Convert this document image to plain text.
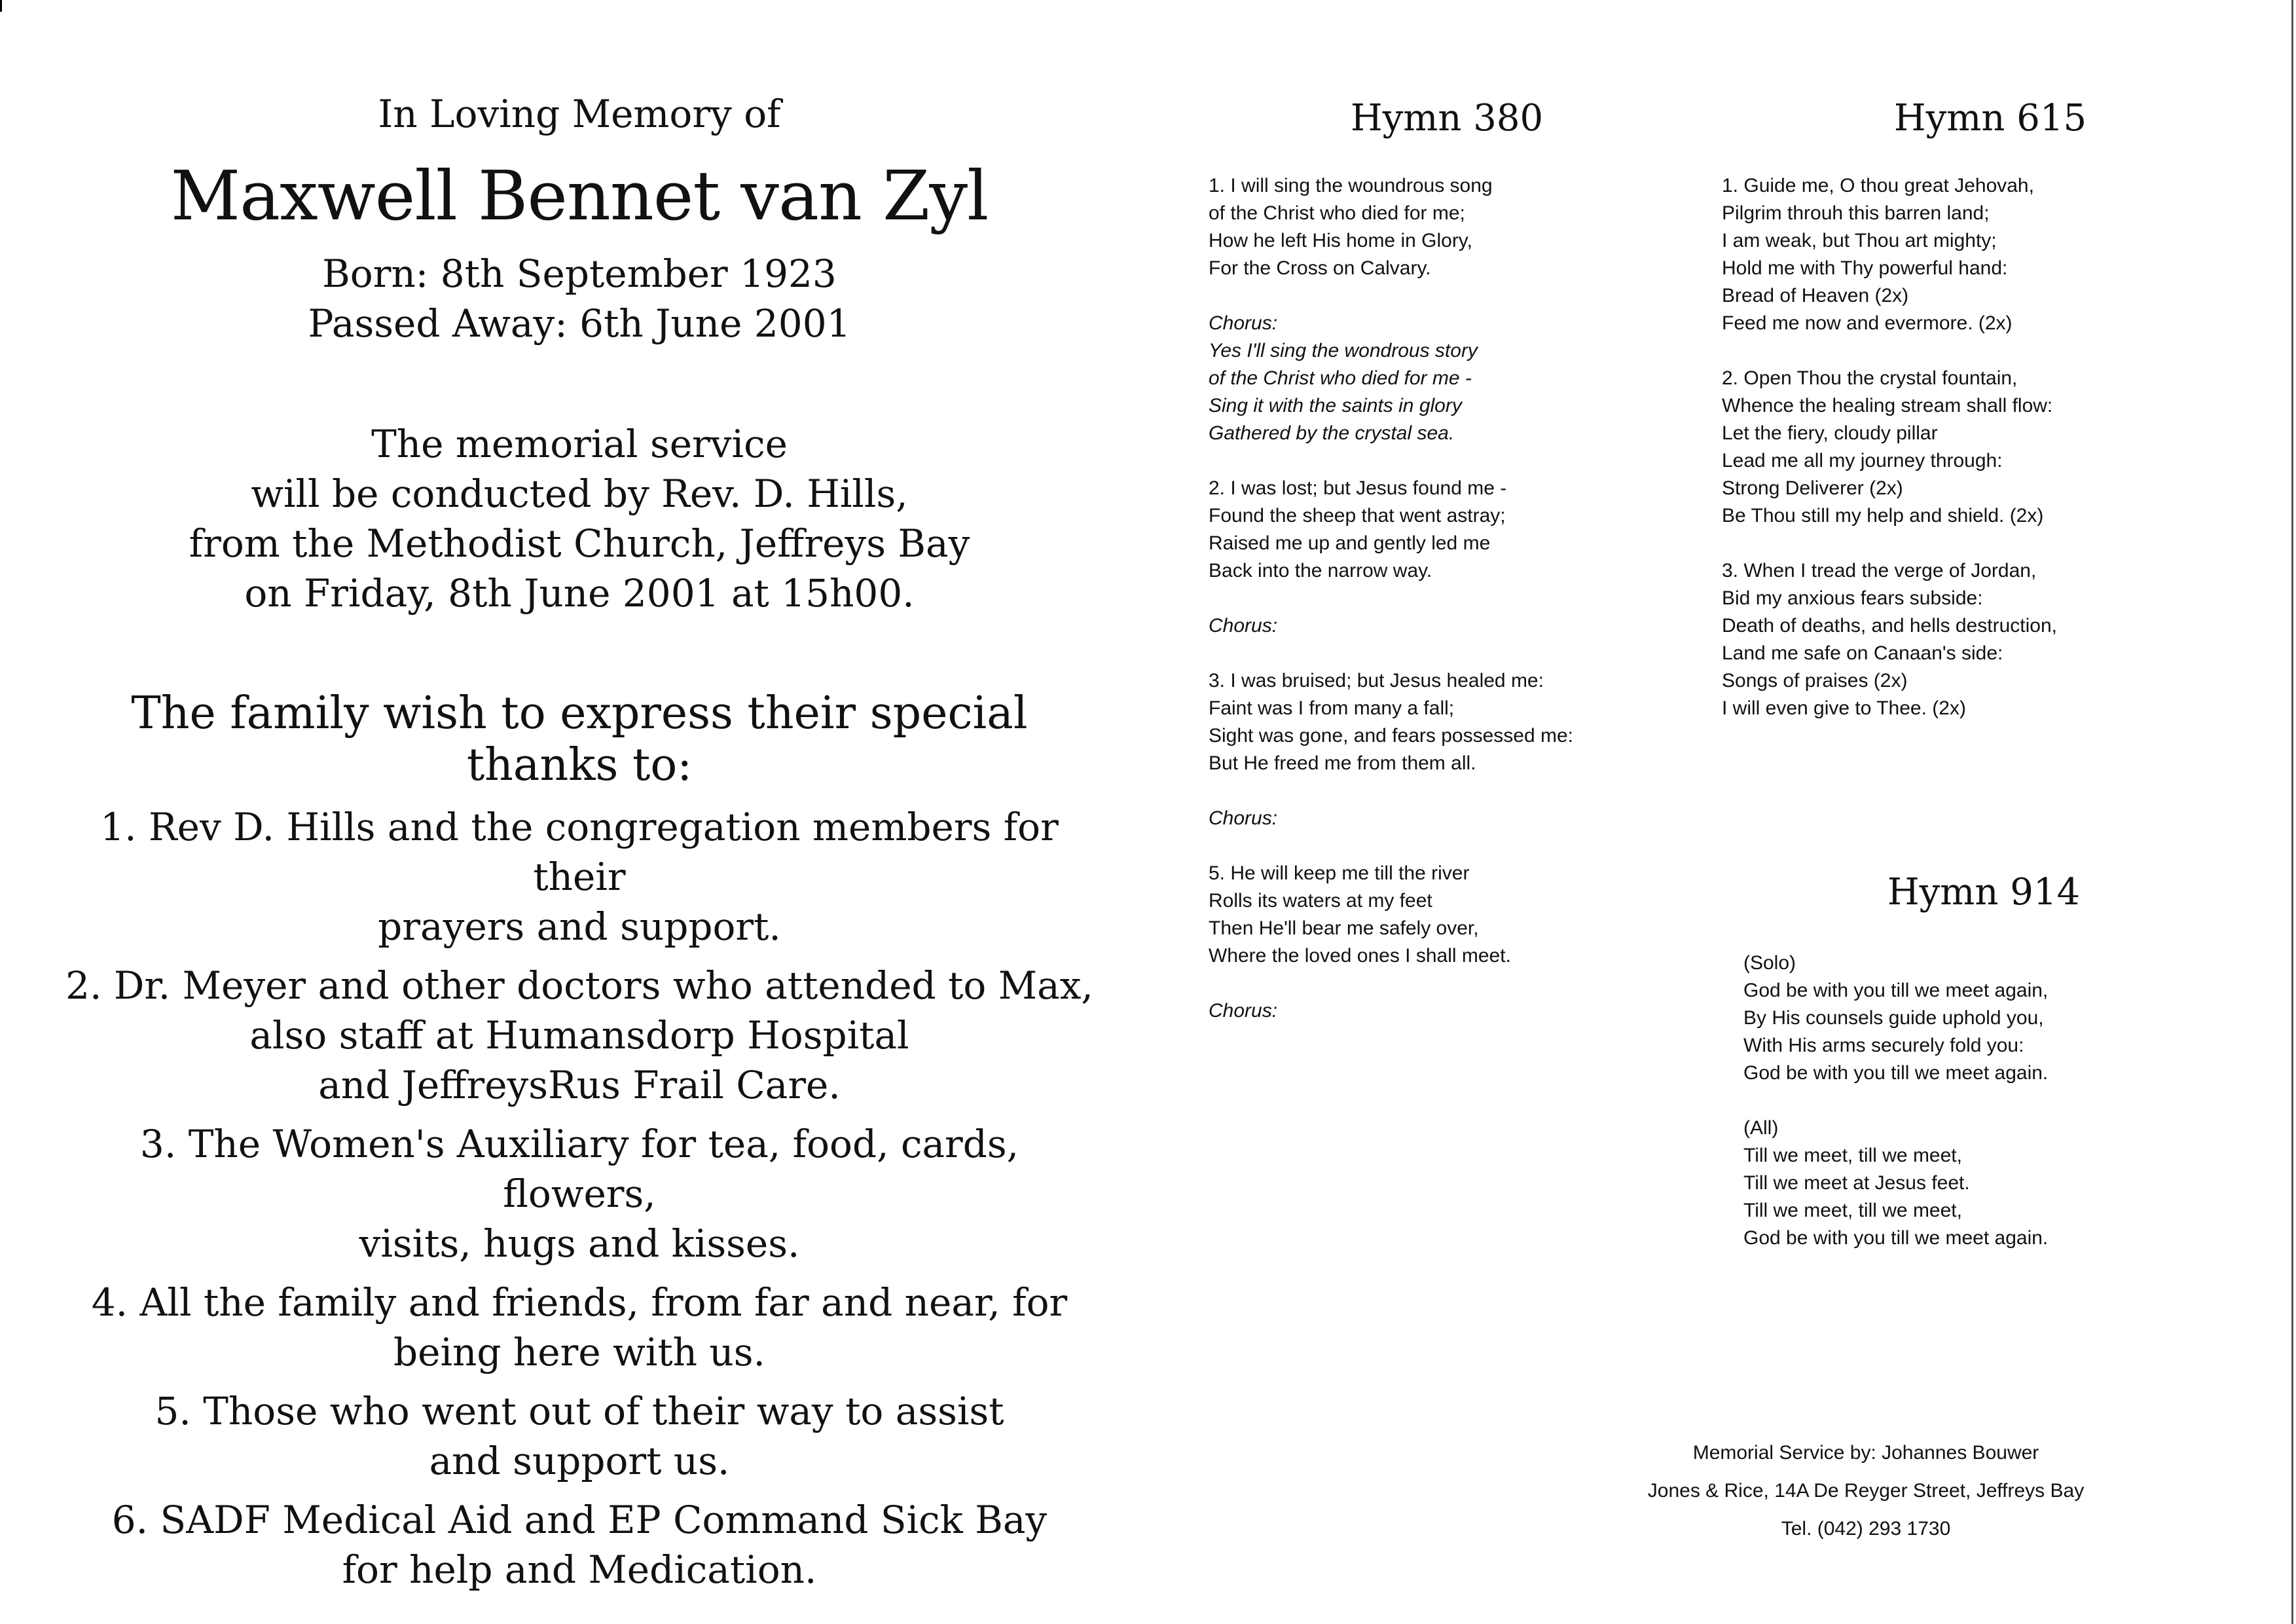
In Loving Memory of

Maxwell Bennet van Zyl
Born: 8th September 1923
Passed Away: 6th June 2001
The memorial service
will be conducted by Rev. D. Hills,
from the Methodist Church, Jeffreys Bay
on Friday, 8th June 2001 at 15h00.
The family wish to express their special thanks to:
1. Rev D. Hills and the congregation members for their
prayers and support.
2. Dr. Meyer and other doctors who attended to Max,
also staff at Humansdorp Hospital
and JeffreysRus Frail Care.
3. The Women's Auxiliary for tea, food, cards, flowers,
visits, hugs and kisses.
4. All the family and friends, from far and near, for
being here with us.
5. Those who went out of their way to assist
and support us.
6. SADF Medical Aid and EP Command Sick Bay
for help and Medication.
Hymn 380
1. I will sing the woundrous song
of the Christ who died for me;
How he left His home in Glory,
For the Cross on Calvary.
Chorus:
Yes I'll sing the wondrous story
of the Christ who died for me -
Sing it with the saints in glory
Gathered by the crystal sea.
2. I was lost; but Jesus found me -
Found the sheep that went astray;
Raised me up and gently led me
Back into the narrow way.
Chorus:
3. I was bruised; but Jesus healed me:
Faint was I from many a fall;
Sight was gone, and fears possessed me:
But He freed me from them all.
Chorus:
5. He will keep me till the river
Rolls its waters at my feet
Then He'll bear me safely over,
Where the loved ones I shall meet.
Chorus:
Hymn 615
1. Guide me, O thou great Jehovah,
Pilgrim throuh this barren land;
I am weak, but Thou art mighty;
Hold me with Thy powerful hand:
Bread of Heaven (2x)
Feed me now and evermore. (2x)
2. Open Thou the crystal fountain,
Whence the healing stream shall flow:
Let the fiery, cloudy pillar
Lead me all my journey through:
Strong Deliverer (2x)
Be Thou still my help and shield. (2x)
3. When I tread the verge of Jordan,
Bid my anxious fears subside:
Death of deaths, and hells destruction,
Land me safe on Canaan's side:
Songs of praises (2x)
I will even give to Thee. (2x)
Hymn 914
(Solo)
God be with you till we meet again,
By His counsels guide uphold you,
With His arms securely fold you:
God be with you till we meet again.
(All)
Till we meet, till we meet,
Till we meet at Jesus feet.
Till we meet, till we meet,
God be with you till we meet again.
Memorial Service by: Johannes Bouwer
Jones & Rice, 14A De Reyger Street, Jeffreys Bay
Tel. (042) 293 1730
